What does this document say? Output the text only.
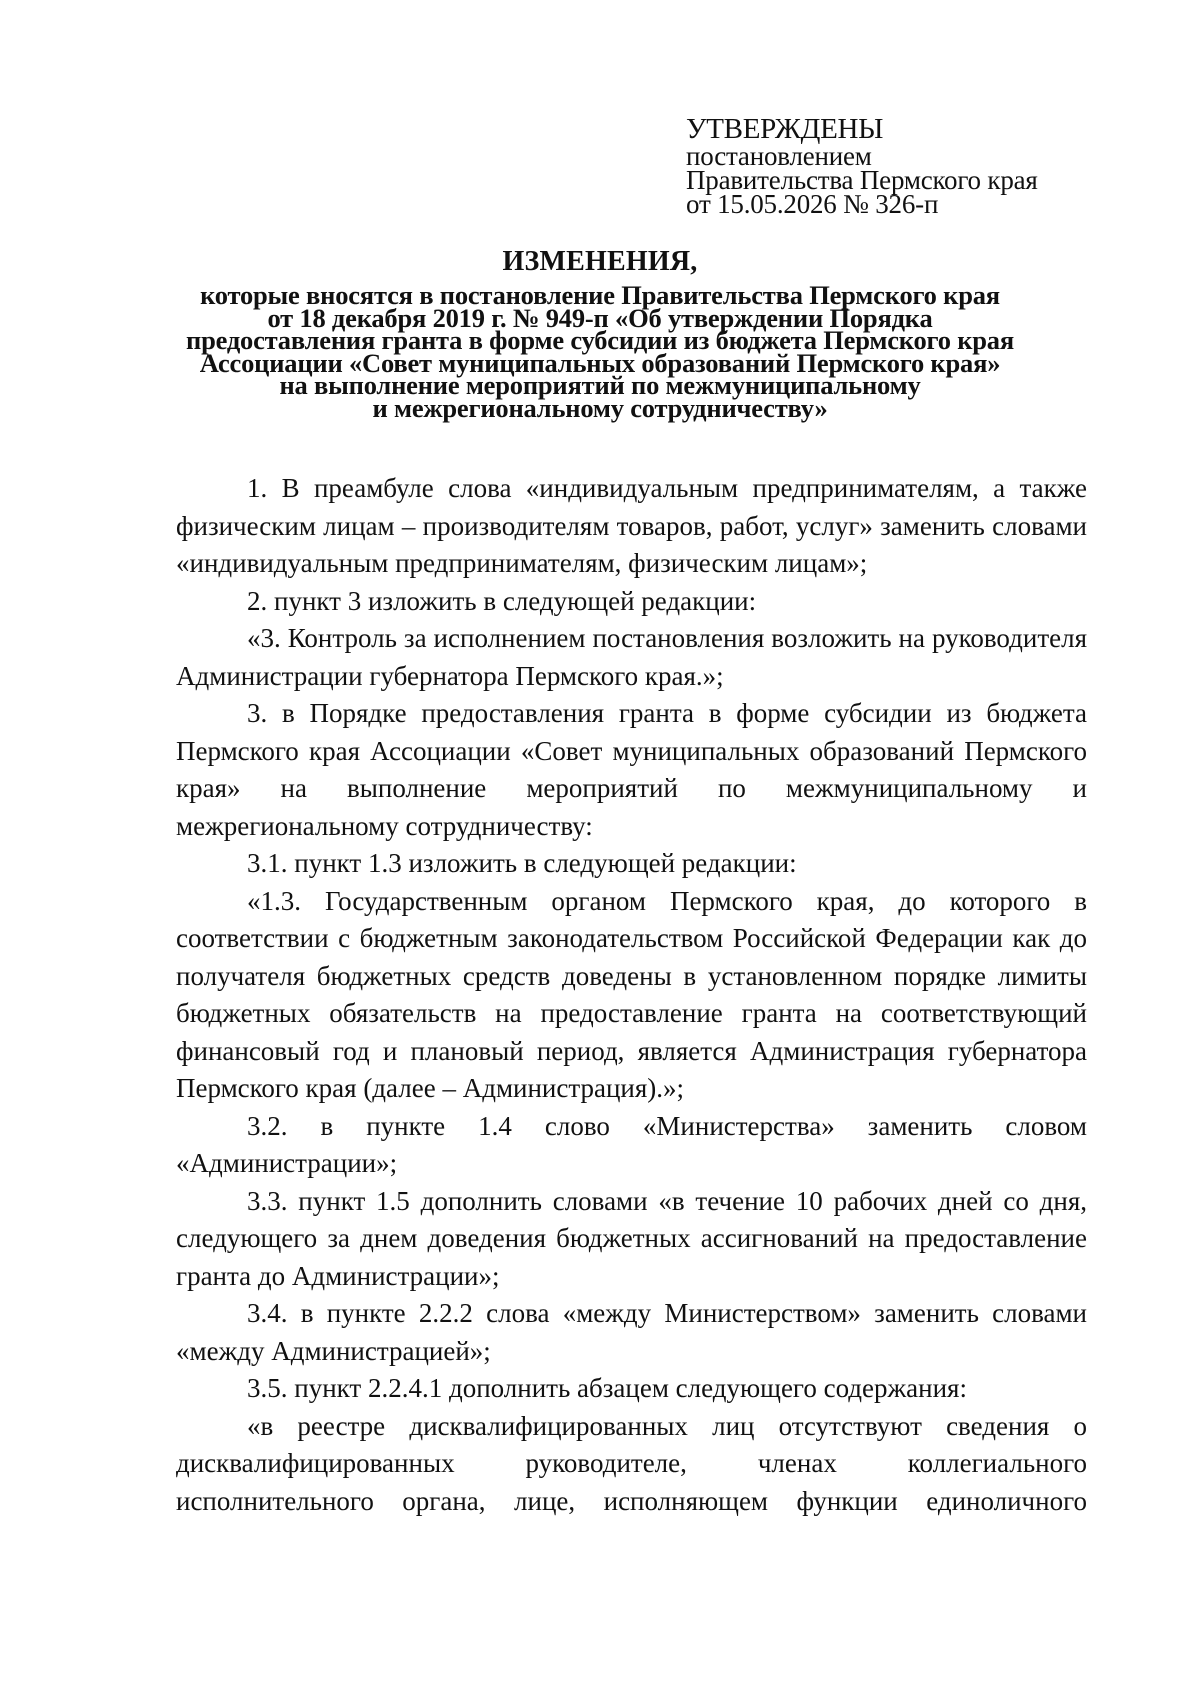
УТВЕРЖДЕНЫ
постановлением
Правительства Пермского края
от 15.05.2026 № 326-п
ИЗМЕНЕНИЯ,
которые вносятся в постановление Правительства Пермского края
от 18 декабря 2019 г. № 949-п «Об утверждении Порядка
предоставления гранта в форме субсидии из бюджета Пермского края
Ассоциации «Совет муниципальных образований Пермского края»
на выполнение мероприятий по межмуниципальному
и межрегиональному сотрудничеству»

1. В преамбуле слова «индивидуальным предпринимателям, а также физическим лицам – производителям товаров, работ, услуг» заменить словами «индивидуальным предпринимателям, физическим лицам»;

2. пункт 3 изложить в следующей редакции:

«3. Контроль за исполнением постановления возложить на руководителя Администрации губернатора Пермского края.»;

3. в Порядке предоставления гранта в форме субсидии из бюджета Пермского края Ассоциации «Совет муниципальных образований Пермского края» на выполнение мероприятий по межмуниципальному и межрегиональному сотрудничеству:

3.1. пункт 1.3 изложить в следующей редакции:

«1.3. Государственным органом Пермского края, до которого в соответствии с бюджетным законодательством Российской Федерации как до получателя бюджетных средств доведены в установленном порядке лимиты бюджетных обязательств на предоставление гранта на соответствующий финансовый год и плановый период, является Администрация губернатора Пермского края (далее – Администрация).»;

3.2. в пункте 1.4 слово «Министерства» заменить словом «Администрации»;

3.3. пункт 1.5 дополнить словами «в течение 10 рабочих дней со дня, следующего за днем доведения бюджетных ассигнований на предоставление гранта до Администрации»;

3.4. в пункте 2.2.2 слова «между Министерством» заменить словами «между Администрацией»;

3.5. пункт 2.2.4.1 дополнить абзацем следующего содержания:

«в реестре дисквалифицированных лиц отсутствуют сведения о дисквалифицированных руководителе, членах коллегиального исполнительного органа, лице, исполняющем функции единоличного
